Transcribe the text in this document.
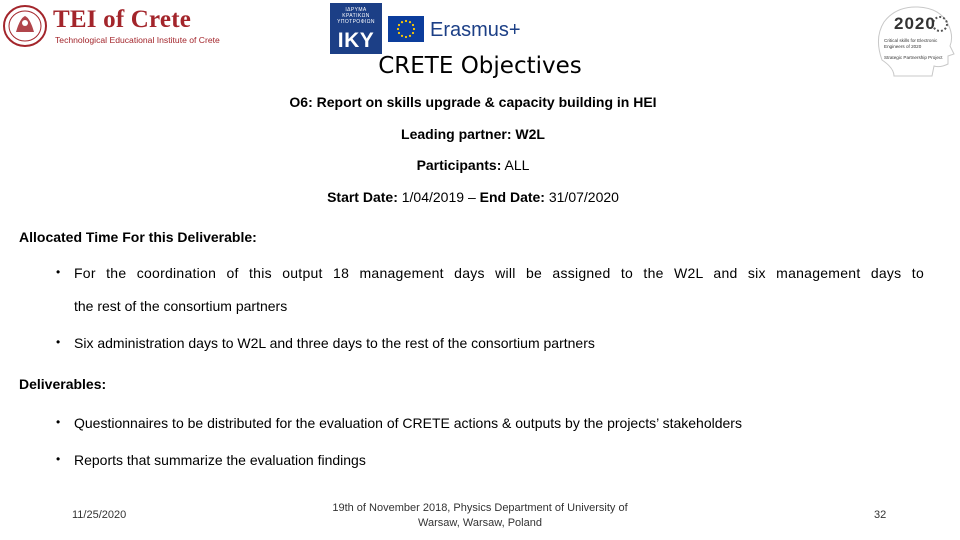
TEI of Crete
Technological Educational Institute of Crete
ΙΔΡΥΜΑ
ΚΡΑΤΙΚΩΝ
ΥΠΟΤΡΟΦΙΩΝ
IKY	Erasmus+	2020
Critical skills for Electronic
Engineers of 2020
Strategic Partnership Project
CRETE Objectives
O6: Report on skills upgrade & capacity building in HEI
Leading partner: W2L
Participants: ALL
Start Date: 1/04/2019 – End Date: 31/07/2020
Allocated Time For this Deliverable:
• For the coordination of this output 18 management days will be assigned to the W2L and six management days to
the rest of the consortium partners
• Six administration days to W2L and three days to the rest of the consortium partners
Deliverables:
• Questionnaires to be distributed for the evaluation of CRETE actions & outputs by the projects’ stakeholders
• Reports that summarize the evaluation findings
11/25/2020
19th of November 2018, Physics Department of University of
Warsaw, Warsaw, Poland
32
